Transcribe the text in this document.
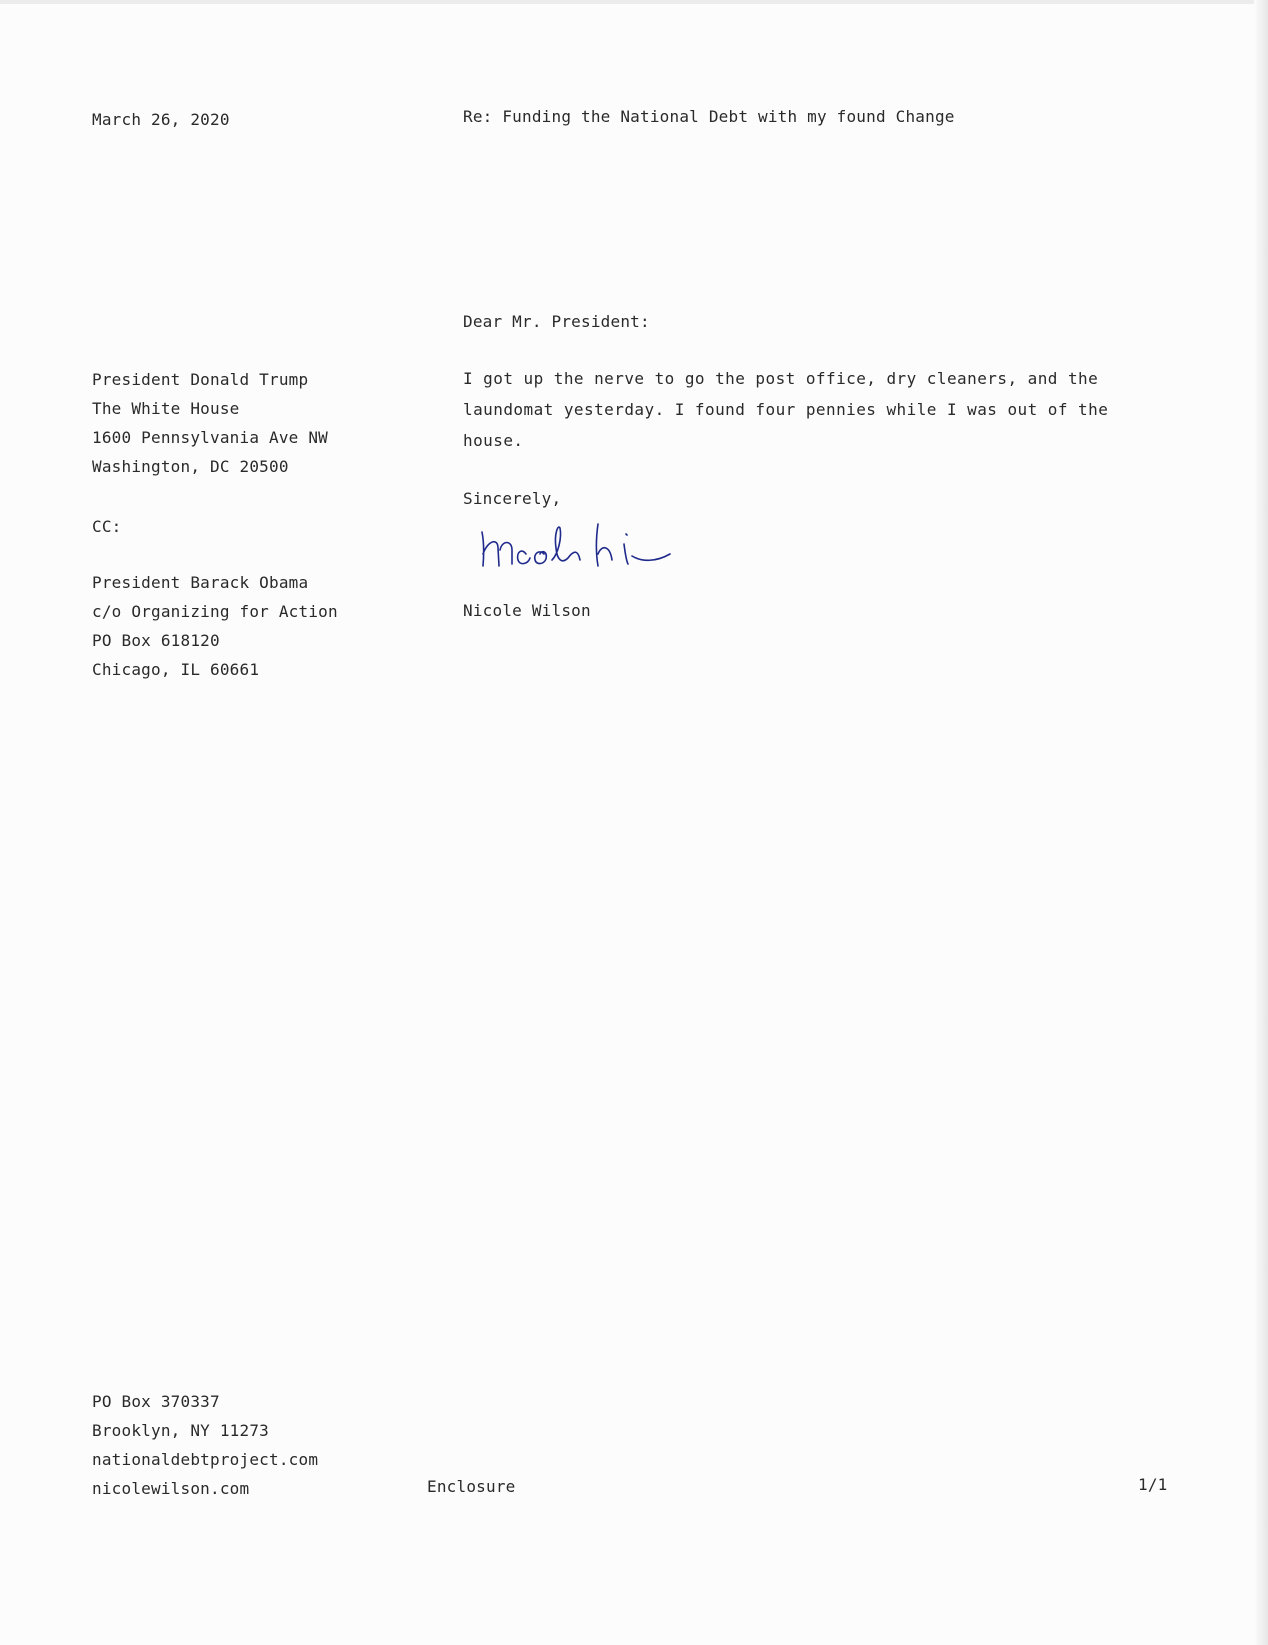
March 26, 2020	Re: Funding the National Debt with my found Change
Dear Mr. President:
President Donald Trump
The White House
1600 Pennsylvania Ave NW
Washington, DC 20500
I got up the nerve to go the post office, dry cleaners, and the laundomat yesterday. I found four pennies while I was out of the house.
Sincerely,
Nicole Wilson
CC:
President Barack Obama
c/o Organizing for Action
PO Box 618120
Chicago, IL 60661
PO Box 370337
Brooklyn, NY 11273
nationaldebtproject.com
nicolewilson.com	Enclosure	1/1
